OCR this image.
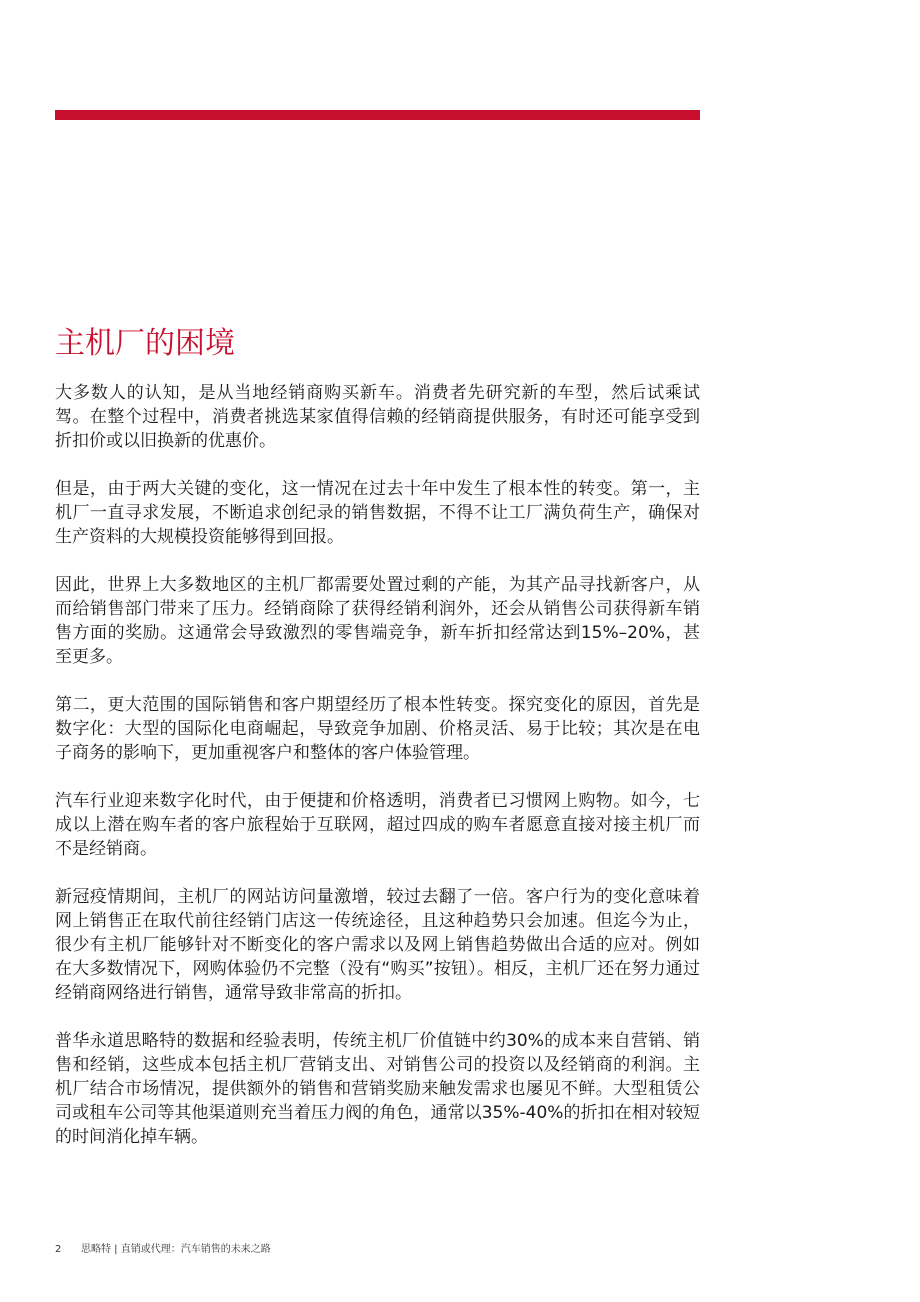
主机厂的困境

大多数人的认知，是从当地经销商购买新车。消费者先研究新的车型，然后试乘试驾。在整个过程中，消费者挑选某家值得信赖的经销商提供服务，有时还可能享受到折扣价或以旧换新的优惠价。

但是，由于两大关键的变化，这一情况在过去十年中发生了根本性的转变。第一，主机厂一直寻求发展，不断追求创纪录的销售数据，不得不让工厂满负荷生产，确保对生产资料的大规模投资能够得到回报。

因此，世界上大多数地区的主机厂都需要处置过剩的产能，为其产品寻找新客户，从而给销售部门带来了压力。经销商除了获得经销利润外，还会从销售公司获得新车销售方面的奖励。这通常会导致激烈的零售端竞争，新车折扣经常达到15%–20%，甚至更多。

第二，更大范围的国际销售和客户期望经历了根本性转变。探究变化的原因，首先是数字化：大型的国际化电商崛起，导致竞争加剧、价格灵活、易于比较；其次是在电子商务的影响下，更加重视客户和整体的客户体验管理。

汽车行业迎来数字化时代，由于便捷和价格透明，消费者已习惯网上购物。如今，七成以上潜在购车者的客户旅程始于互联网，超过四成的购车者愿意直接对接主机厂而不是经销商。

新冠疫情期间，主机厂的网站访问量激增，较过去翻了一倍。客户行为的变化意味着网上销售正在取代前往经销门店这一传统途径，且这种趋势只会加速。但迄今为止，很少有主机厂能够针对不断变化的客户需求以及网上销售趋势做出合适的应对。例如在大多数情况下，网购体验仍不完整（没有“购买”按钮）。相反，主机厂还在努力通过经销商网络进行销售，通常导致非常高的折扣。

普华永道思略特的数据和经验表明，传统主机厂价值链中约30%的成本来自营销、销售和经销，这些成本包括主机厂营销支出、对销售公司的投资以及经销商的利润。主机厂结合市场情况，提供额外的销售和营销奖励来触发需求也屡见不鲜。大型租赁公司或租车公司等其他渠道则充当着压力阀的角色，通常以35%-40%的折扣在相对较短的时间消化掉车辆。

2 思略特 | 直销或代理：汽车销售的未来之路
